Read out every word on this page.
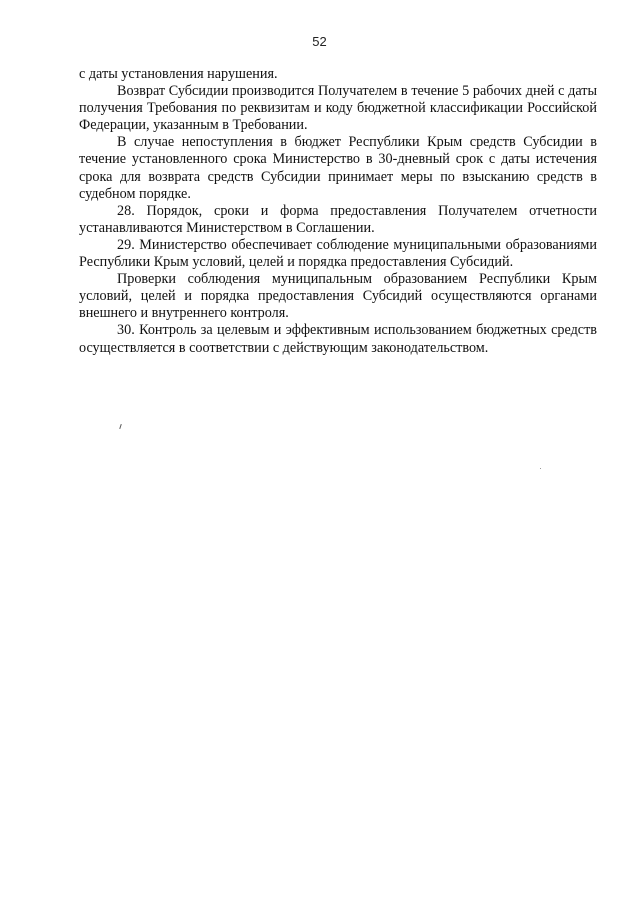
52

с даты установления нарушения.

Возврат Субсидии производится Получателем в течение 5 рабочих дней с даты получения Требования по реквизитам и коду бюджетной классификации Российской Федерации, указанным в Требовании.

В случае непоступления в бюджет Республики Крым средств Субсидии в течение установленного срока Министерство в 30-дневный срок с даты истечения срока для возврата средств Субсидии принимает меры по взысканию средств в судебном порядке.

28. Порядок, сроки и форма предоставления Получателем отчетности устанавливаются Министерством в Соглашении.

29. Министерство обеспечивает соблюдение муниципальными образованиями Республики Крым условий, целей и порядка предоставления Субсидий.

Проверки соблюдения муниципальным образованием Республики Крым условий, целей и порядка предоставления Субсидий осуществляются органами внешнего и внутреннего контроля.

30. Контроль за целевым и эффективным использованием бюджетных средств осуществляется в соответствии с действующим законодательством.
